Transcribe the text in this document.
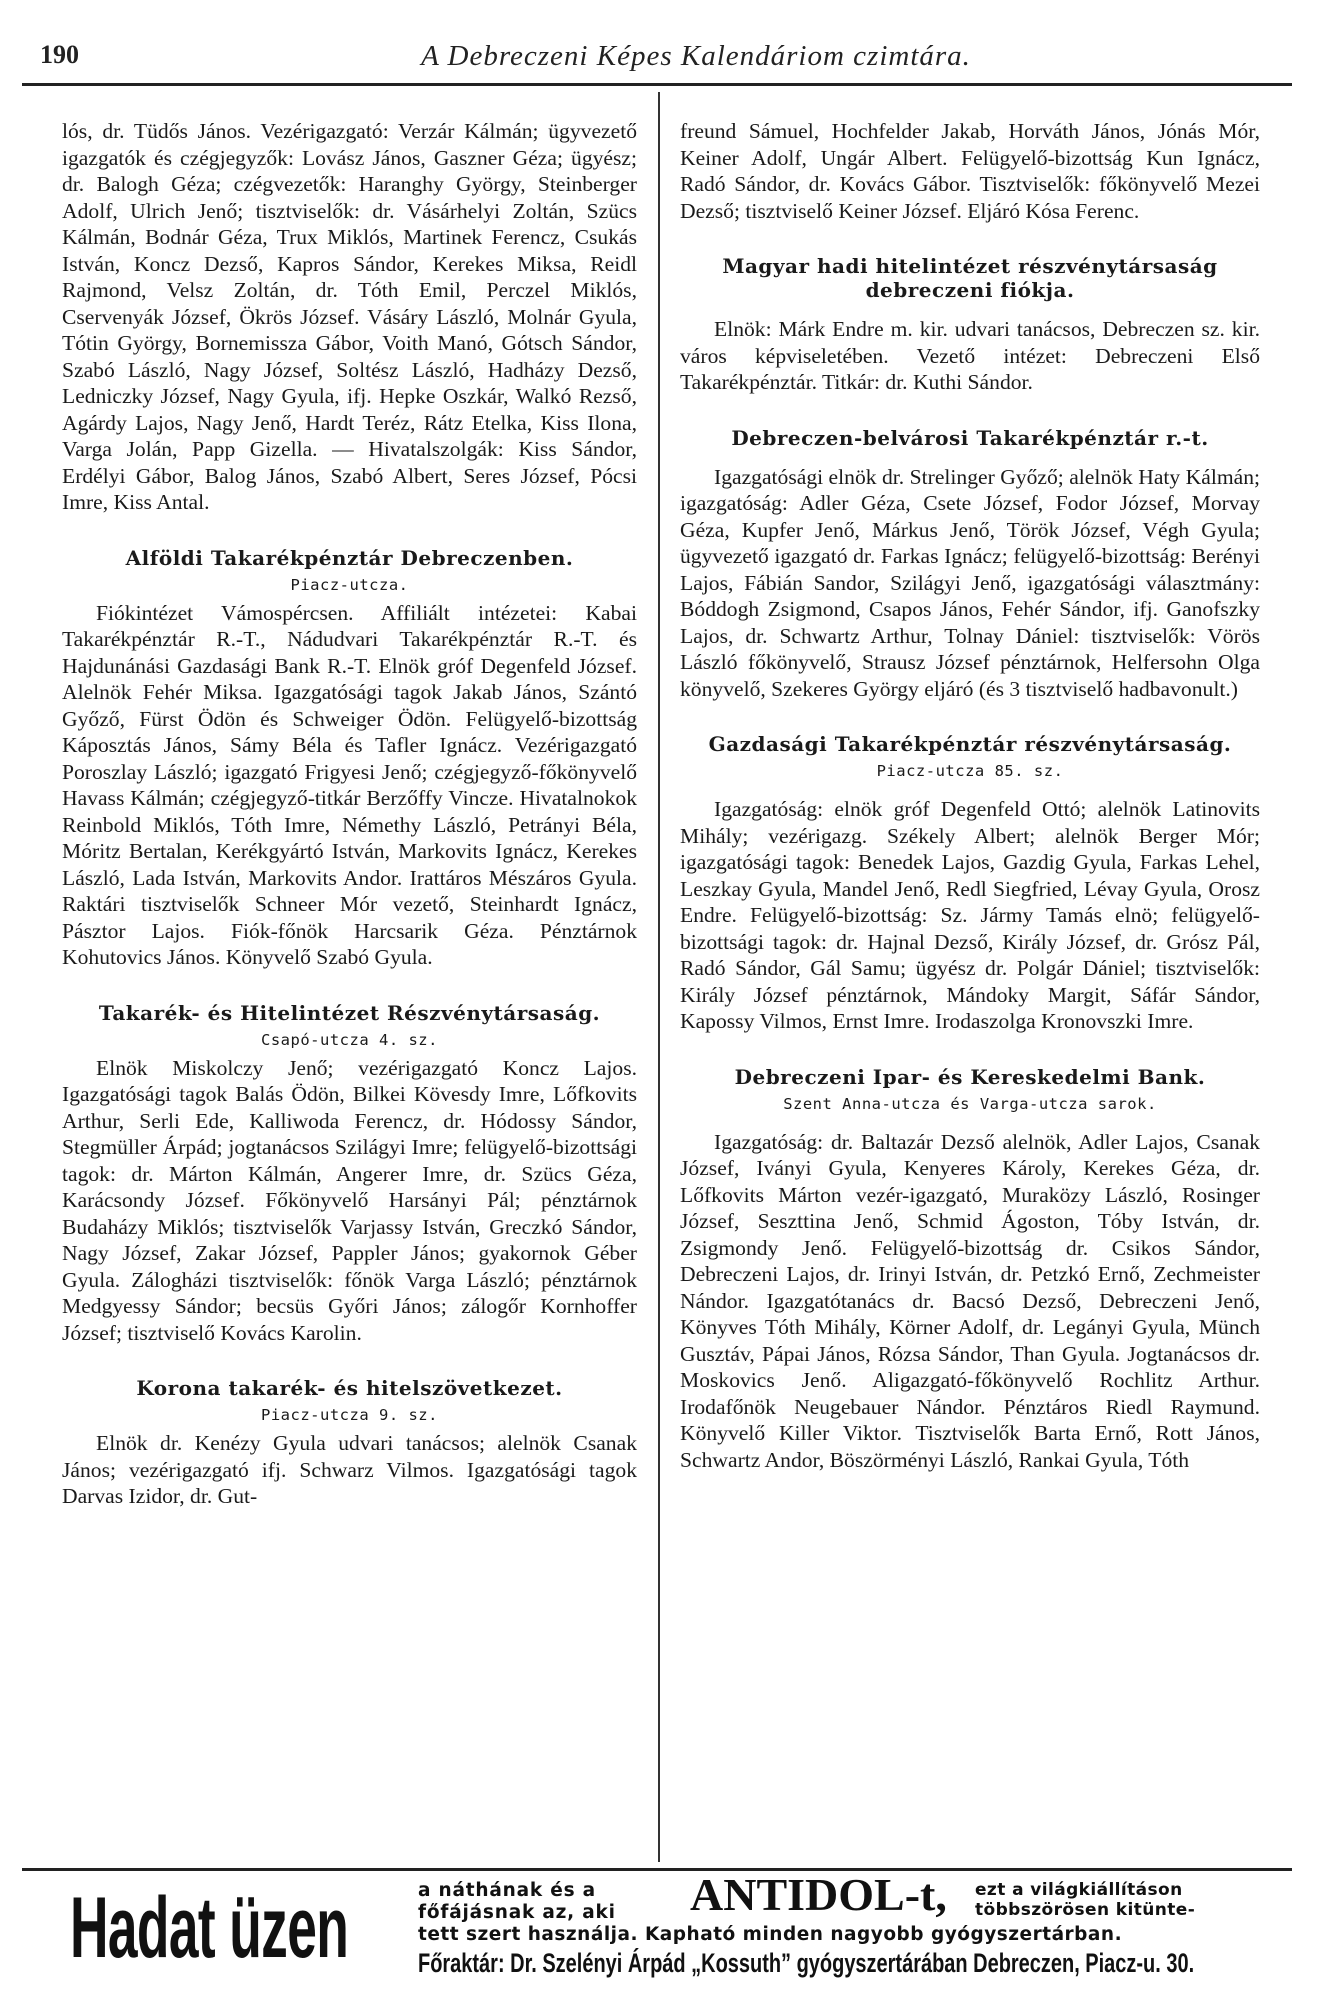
190	A Debreczeni Képes Kalendáriom czimtára.

lós, dr. Tüdős János. Vezérigazgató: Verzár Kálmán; ügyvezető igazgatók és czégjegyzők: Lovász János, Gaszner Géza; ügyész; dr. Balogh Géza; czégvezetők: Haranghy György, Steinberger Adolf, Ulrich Jenő; tisztviselők: dr. Vásárhelyi Zoltán, Szücs Kálmán, Bodnár Géza, Trux Miklós, Martinek Ferencz, Csukás István, Koncz Dezső, Kapros Sándor, Kerekes Miksa, Reidl Rajmond, Velsz Zoltán, dr. Tóth Emil, Perczel Miklós, Cservenyák József, Ökrös József. Vásáry László, Molnár Gyula, Tótin György, Bornemissza Gábor, Voith Manó, Gótsch Sándor, Szabó László, Nagy József, Soltész László, Hadházy Dezső, Ledniczky József, Nagy Gyula, ifj. Hepke Oszkár, Walkó Rezső, Agárdy Lajos, Nagy Jenő, Hardt Teréz, Rátz Etelka, Kiss Ilona, Varga Jolán, Papp Gizella. — Hivatalszolgák: Kiss Sándor, Erdélyi Gábor, Balog János, Szabó Albert, Seres József, Pócsi Imre, Kiss Antal.

Alföldi Takarékpénztár Debreczenben.
Piacz-utcza.

Fiókintézet Vámospércsen. Affiliált intézetei: Kabai Takarékpénztár R.-T., Nádudvari Takarékpénztár R.-T. és Hajdunánási Gazdasági Bank R.-T. Elnök gróf Degenfeld József. Alelnök Fehér Miksa. Igazgatósági tagok Jakab János, Szántó Győző, Fürst Ödön és Schweiger Ödön. Felügyelő-bizottság Káposztás János, Sámy Béla és Tafler Ignácz. Vezérigazgató Poroszlay László; igazgató Frigyesi Jenő; czégjegyző-főkönyvelő Havass Kálmán; czégjegyző-titkár Berzőffy Vincze. Hivatalnokok Reinbold Miklós, Tóth Imre, Némethy László, Petrányi Béla, Móritz Bertalan, Kerékgyártó István, Markovits Ignácz, Kerekes László, Lada István, Markovits Andor. Irattáros Mészáros Gyula. Raktári tisztviselők Schneer Mór vezető, Steinhardt Ignácz, Pásztor Lajos. Fiók-főnök Harcsarik Géza. Pénztárnok Kohutovics János. Könyvelő Szabó Gyula.

Takarék- és Hitelintézet Részvénytársaság.
Csapó-utcza 4. sz.

Elnök Miskolczy Jenő; vezérigazgató Koncz Lajos. Igazgatósági tagok Balás Ödön, Bilkei Kövesdy Imre, Lőfkovits Arthur, Serli Ede, Kalliwoda Ferencz, dr. Hódossy Sándor, Stegmüller Árpád; jogtanácsos Szilágyi Imre; felügyelő-bizottsági tagok: dr. Márton Kálmán, Angerer Imre, dr. Szücs Géza, Karácsondy József. Főkönyvelő Harsányi Pál; pénztárnok Budaházy Miklós; tisztviselők Varjassy István, Greczkó Sándor, Nagy József, Zakar József, Pappler János; gyakornok Géber Gyula. Zálogházi tisztviselők: főnök Varga László; pénztárnok Medgyessy Sándor; becsüs Győri János; zálogőr Kornhoffer József; tisztviselő Kovács Karolin.

Korona takarék- és hitelszövetkezet.
Piacz-utcza 9. sz.

Elnök dr. Kenézy Gyula udvari tanácsos; alelnök Csanak János; vezérigazgató ifj. Schwarz Vilmos. Igazgatósági tagok Darvas Izidor, dr. Gut-

freund Sámuel, Hochfelder Jakab, Horváth János, Jónás Mór, Keiner Adolf, Ungár Albert. Felügyelő-bizottság Kun Ignácz, Radó Sándor, dr. Kovács Gábor. Tisztviselők: főkönyvelő Mezei Dezső; tisztviselő Keiner József. Eljáró Kósa Ferenc.

Magyar hadi hitelintézet részvénytársaság debreczeni fiókja.

Elnök: Márk Endre m. kir. udvari tanácsos, Debreczen sz. kir. város képviseletében. Vezető intézet: Debreczeni Első Takarékpénztár. Titkár: dr. Kuthi Sándor.

Debreczen-belvárosi Takarékpénztár r.-t.

Igazgatósági elnök dr. Strelinger Győző; alelnök Haty Kálmán; igazgatóság: Adler Géza, Csete József, Fodor József, Morvay Géza, Kupfer Jenő, Márkus Jenő, Török József, Végh Gyula; ügyvezető igazgató dr. Farkas Ignácz; felügyelő-bizottság: Berényi Lajos, Fábián Sandor, Szilágyi Jenő, igazgatósági választmány: Bóddogh Zsigmond, Csapos János, Fehér Sándor, ifj. Ganofszky Lajos, dr. Schwartz Arthur, Tolnay Dániel: tisztviselők: Vörös László főkönyvelő, Strausz József pénztárnok, Helfersohn Olga könyvelő, Szekeres György eljáró (és 3 tisztviselő hadbavonult.)

Gazdasági Takarékpénztár részvénytársaság.
Piacz-utcza 85. sz.

Igazgatóság: elnök gróf Degenfeld Ottó; alelnök Latinovits Mihály; vezérigazg. Székely Albert; alelnök Berger Mór; igazgatósági tagok: Benedek Lajos, Gazdig Gyula, Farkas Lehel, Leszkay Gyula, Mandel Jenő, Redl Siegfried, Lévay Gyula, Orosz Endre. Felügyelő-bizottság: Sz. Jármy Tamás elnö; felügyelő-bizottsági tagok: dr. Hajnal Dezső, Király József, dr. Grósz Pál, Radó Sándor, Gál Samu; ügyész dr. Polgár Dániel; tisztviselők: Király József pénztárnok, Mándoky Margit, Sáfár Sándor, Kapossy Vilmos, Ernst Imre. Irodaszolga Kronovszki Imre.

Debreczeni Ipar- és Kereskedelmi Bank.
Szent Anna-utcza és Varga-utcza sarok.

Igazgatóság: dr. Baltazár Dezső alelnök, Adler Lajos, Csanak József, Iványi Gyula, Kenyeres Károly, Kerekes Géza, dr. Lőfkovits Márton vezér-igazgató, Muraközy László, Rosinger József, Seszttina Jenő, Schmid Ágoston, Tóby István, dr. Zsigmondy Jenő. Felügyelő-bizottság dr. Csikos Sándor, Debreczeni Lajos, dr. Irinyi István, dr. Petzkó Ernő, Zechmeister Nándor. Igazgatótanács dr. Bacsó Dezső, Debreczeni Jenő, Könyves Tóth Mihály, Körner Adolf, dr. Legányi Gyula, Münch Gusztáv, Pápai János, Rózsa Sándor, Than Gyula. Jogtanácsos dr. Moskovics Jenő. Aligazgató-főkönyvelő Rochlitz Arthur. Irodafőnök Neugebauer Nándor. Pénztáros Riedl Raymund. Könyvelő Killer Viktor. Tisztviselők Barta Ernő, Rott János, Schwartz Andor, Böszörményi László, Rankai Gyula, Tóth

Hadat üzen	a náthának és a
főfájásnak az, aki	ANTIDOL-t, ezt a világkiállításon
többszörösen kitünte-
tett szert használja. Kapható minden nagyobb gyógyszertárban.
Főraktár: Dr. Szelényi Árpád „Kossuth” gyógyszertárában Debreczen, Piacz-u. 30.
